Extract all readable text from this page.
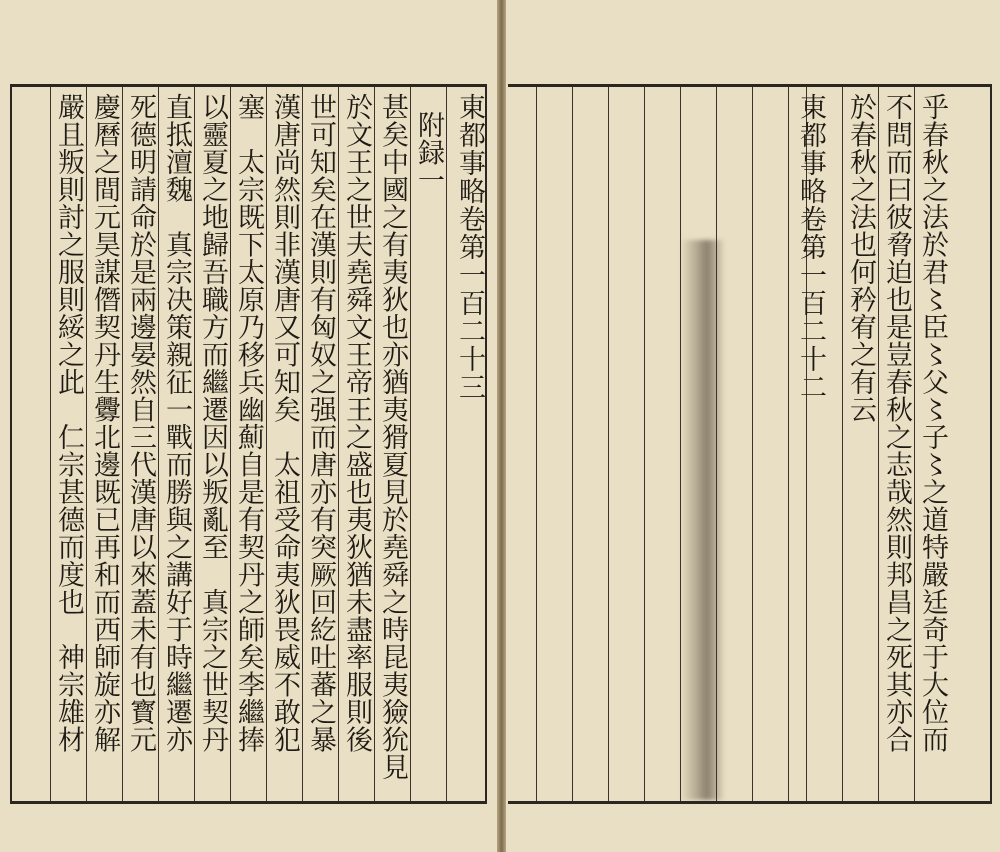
東都事略卷第一百二十三
附録一
甚矣中國之有夷狄也亦猶夷猾夏見於堯舜之時昆夷獫狁見
於文王之世夫堯舜文王帝王之盛也夷狄猶未盡率服則後
世可知矣在漢則有匈奴之强而唐亦有突厥回紇吐蕃之暴
漢唐尚然則非漢唐又可知矣　太祖受命夷狄畏威不敢犯
塞　太宗既下太原乃移兵幽薊自是有契丹之師矣李繼捧
以靈夏之地歸吾職方而繼遷因以叛亂至　真宗之世契丹
直抵澶魏　真宗决策親征一戰而勝與之講好于時繼遷亦
死德明請命於是兩邊晏然自三代漢唐以來蓋未有也寳元
慶曆之間元昊謀僭契丹生釁北邊既已再和而西師旋亦解
嚴且叛則討之服則綏之此　仁宗甚德而度也　神宗雄材	乎春秋之法於君〻臣〻父〻子〻之道特嚴𨑳奇于大位而
不問而曰彼脅迫也是豈春秋之志哉然則邦昌之死其亦合
於春秋之法也何矜宥之有云
東都事略卷第一百二十二
